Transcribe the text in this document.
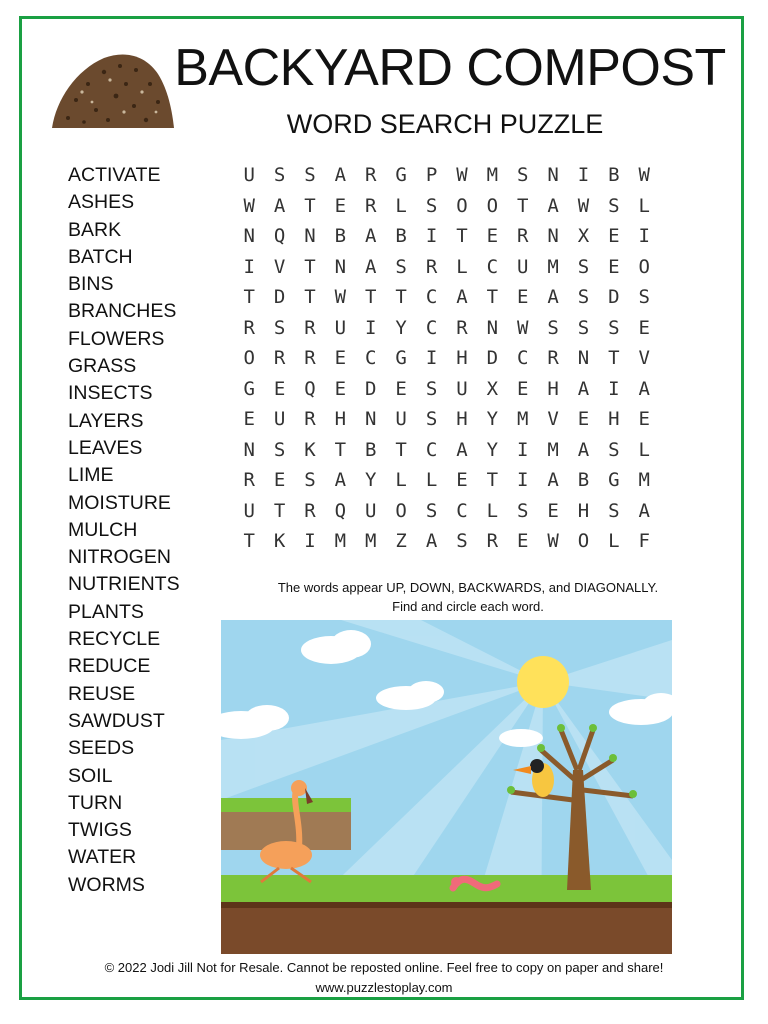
BACKYARD COMPOST
WORD SEARCH PUZZLE
ACTIVATE
ASHES
BARK
BATCH
BINS
BRANCHES
FLOWERS
GRASS
INSECTS
LAYERS
LEAVES
LIME
MOISTURE
MULCH
NITROGEN
NUTRIENTS
PLANTS
RECYCLE
REDUCE
REUSE
SAWDUST
SEEDS
SOIL
TURN
TWIGS
WATER
WORMS
U S S A R G P W M S N I B W
W A T E R L S O O T A W S L
N Q N B A B I T E R N X E I
I V T N A S R L C U M S E O
T D T W T T C A T E A S D S
R S R U I Y C R N W S S S E
O R R E C G I H D C R N T V
G E Q E D E S U X E H A I A
E U R H N U S H Y M V E H E
N S K T B T C A Y I M A S L
R E S A Y L L E T I A B G M
U T R Q U O S C L S E H S A
T K I M M Z A S R E W O L F
The words appear UP, DOWN, BACKWARDS, and DIAGONALLY.
Find and circle each word.
© 2022 Jodi Jill Not for Resale. Cannot be reposted online. Feel free to copy on paper and share!
www.puzzlestoplay.com
